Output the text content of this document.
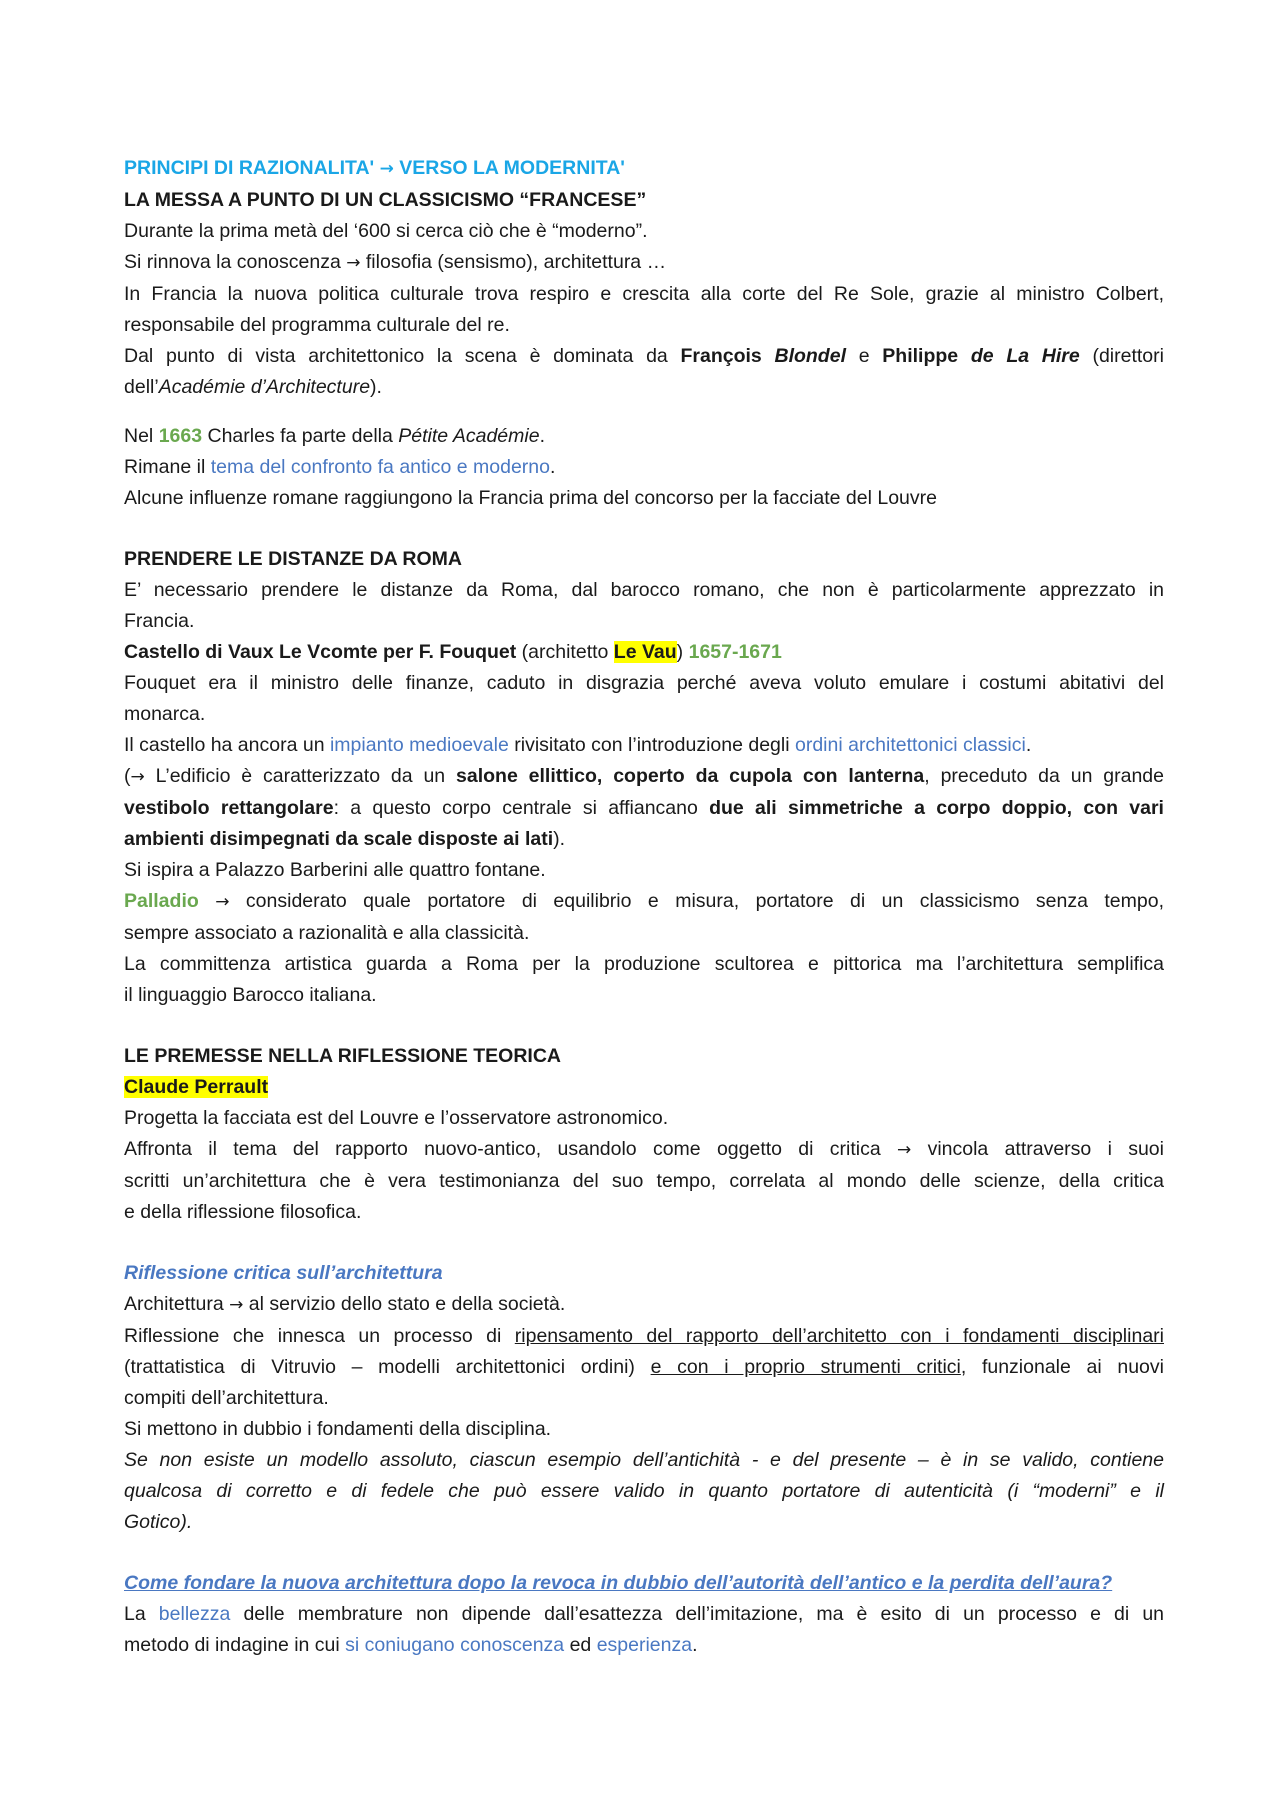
PRINCIPI DI RAZIONALITA' → VERSO LA MODERNITA'

LA MESSA A PUNTO DI UN CLASSICISMO “FRANCESE”

Durante la prima metà del ‘600 si cerca ciò che è “moderno”.

Si rinnova la conoscenza → filosofia (sensismo), architettura …

In Francia la nuova politica culturale trova respiro e crescita alla corte del Re Sole, grazie al ministro Colbert,

responsabile del programma culturale del re.

Dal punto di vista architettonico la scena è dominata da François Blondel e Philippe de La Hire (direttori

dell’Académie d’Architecture).

Nel 1663 Charles fa parte della Pétite Académie.

Rimane il tema del confronto fa antico e moderno.

Alcune influenze romane raggiungono la Francia prima del concorso per la facciate del Louvre

PRENDERE LE DISTANZE DA ROMA

E’ necessario prendere le distanze da Roma, dal barocco romano, che non è particolarmente apprezzato in

Francia.

Castello di Vaux Le Vcomte per F. Fouquet (architetto Le Vau) 1657-1671

Fouquet era il ministro delle finanze, caduto in disgrazia perché aveva voluto emulare i costumi abitativi del

monarca.

Il castello ha ancora un impianto medioevale rivisitato con l’introduzione degli ordini architettonici classici.

(→ L’edificio è caratterizzato da un salone ellittico, coperto da cupola con lanterna, preceduto da un grande

vestibolo rettangolare: a questo corpo centrale si affiancano due ali simmetriche a corpo doppio, con vari

ambienti disimpegnati da scale disposte ai lati).

Si ispira a Palazzo Barberini alle quattro fontane.

Palladio → considerato quale portatore di equilibrio e misura, portatore di un classicismo senza tempo,

sempre associato a razionalità e alla classicità.

La committenza artistica guarda a Roma per la produzione scultorea e pittorica ma l’architettura semplifica

il linguaggio Barocco italiana.

LE PREMESSE NELLA RIFLESSIONE TEORICA

Claude Perrault

Progetta la facciata est del Louvre e l’osservatore astronomico.

Affronta il tema del rapporto nuovo-antico, usandolo come oggetto di critica → vincola attraverso i suoi

scritti un’architettura che è vera testimonianza del suo tempo, correlata al mondo delle scienze, della critica

e della riflessione filosofica.

Riflessione critica sull’architettura

Architettura → al servizio dello stato e della società.

Riflessione che innesca un processo di ripensamento del rapporto dell’architetto con i fondamenti disciplinari

(trattatistica di Vitruvio – modelli architettonici ordini) e con i proprio strumenti critici, funzionale ai nuovi

compiti dell’architettura.

Si mettono in dubbio i fondamenti della disciplina.

Se non esiste un modello assoluto, ciascun esempio dell’antichità - e del presente – è in se valido, contiene

qualcosa di corretto e di fedele che può essere valido in quanto portatore di autenticità (i “moderni” e il

Gotico).

Come fondare la nuova architettura dopo la revoca in dubbio dell’autorità dell’antico e la perdita dell’aura?

La bellezza delle membrature non dipende dall’esattezza dell’imitazione, ma è esito di un processo e di un

metodo di indagine in cui si coniugano conoscenza ed esperienza.
